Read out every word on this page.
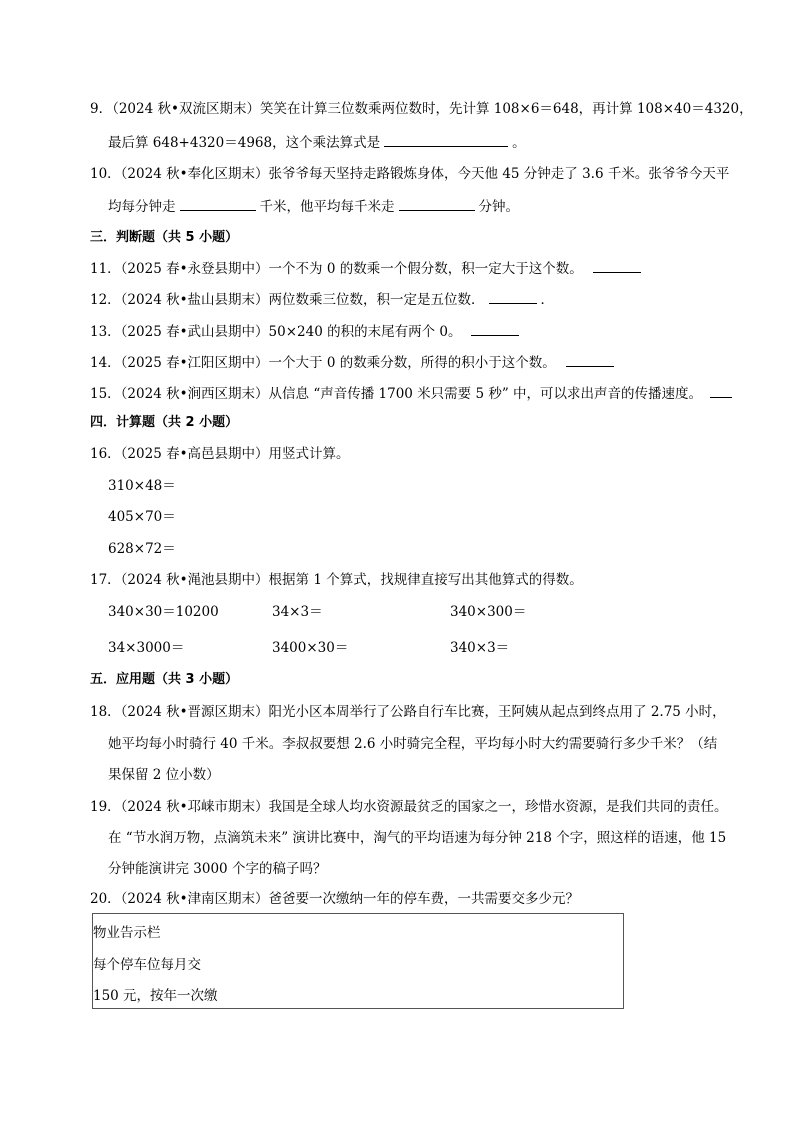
9．（2024 秋•双流区期末）笑笑在计算三位数乘两位数时，先计算 108×6＝648，再计算 108×40＝4320，
最后算 648+4320＝4968，这个乘法算式是	。
10．（2024 秋•奉化区期末）张爷爷每天坚持走路锻炼身体，今天他 45 分钟走了 3.6 千米。张爷爷今天平
均每分钟走	千米，他平均每千米走	分钟。
三．判断题（共 5 小题）
11．（2025 春•永登县期中）一个不为 0 的数乘一个假分数，积一定大于这个数。
12．（2024 秋•盐山县期末）两位数乘三位数，积一定是五位数．	．
13．（2025 春•武山县期中）50×240 的积的末尾有两个 0。
14．（2025 春•江阳区期中）一个大于 0 的数乘分数，所得的积小于这个数。
15．（2024 秋•涧西区期末）从信息 “声音传播 1700 米只需要 5 秒” 中，可以求出声音的传播速度。
四．计算题（共 2 小题）
16．（2025 春•高邑县期中）用竖式计算。
310×48＝
405×70＝
628×72＝
17．（2024 秋•渑池县期中）根据第 1 个算式，找规律直接写出其他算式的得数。
340×30＝10200	34×3＝	340×300＝
34×3000＝	3400×30＝	340×3＝
五．应用题（共 3 小题）
18．（2024 秋•晋源区期末）阳光小区本周举行了公路自行车比赛，王阿姨从起点到终点用了 2.75 小时，
她平均每小时骑行 40 千米。李叔叔要想 2.6 小时骑完全程，平均每小时大约需要骑行多少千米？（结
果保留 2 位小数）
19．（2024 秋•邛崃市期末）我国是全球人均水资源最贫乏的国家之一，珍惜水资源，是我们共同的责任。
在 “节水润万物，点滴筑未来” 演讲比赛中，淘气的平均语速为每分钟 218 个字，照这样的语速，他 15
分钟能演讲完 3000 个字的稿子吗？
20．（2024 秋•津南区期末）爸爸要一次缴纳一年的停车费，一共需要交多少元？
物业告示栏
每个停车位每月交
150 元，按年一次缴
